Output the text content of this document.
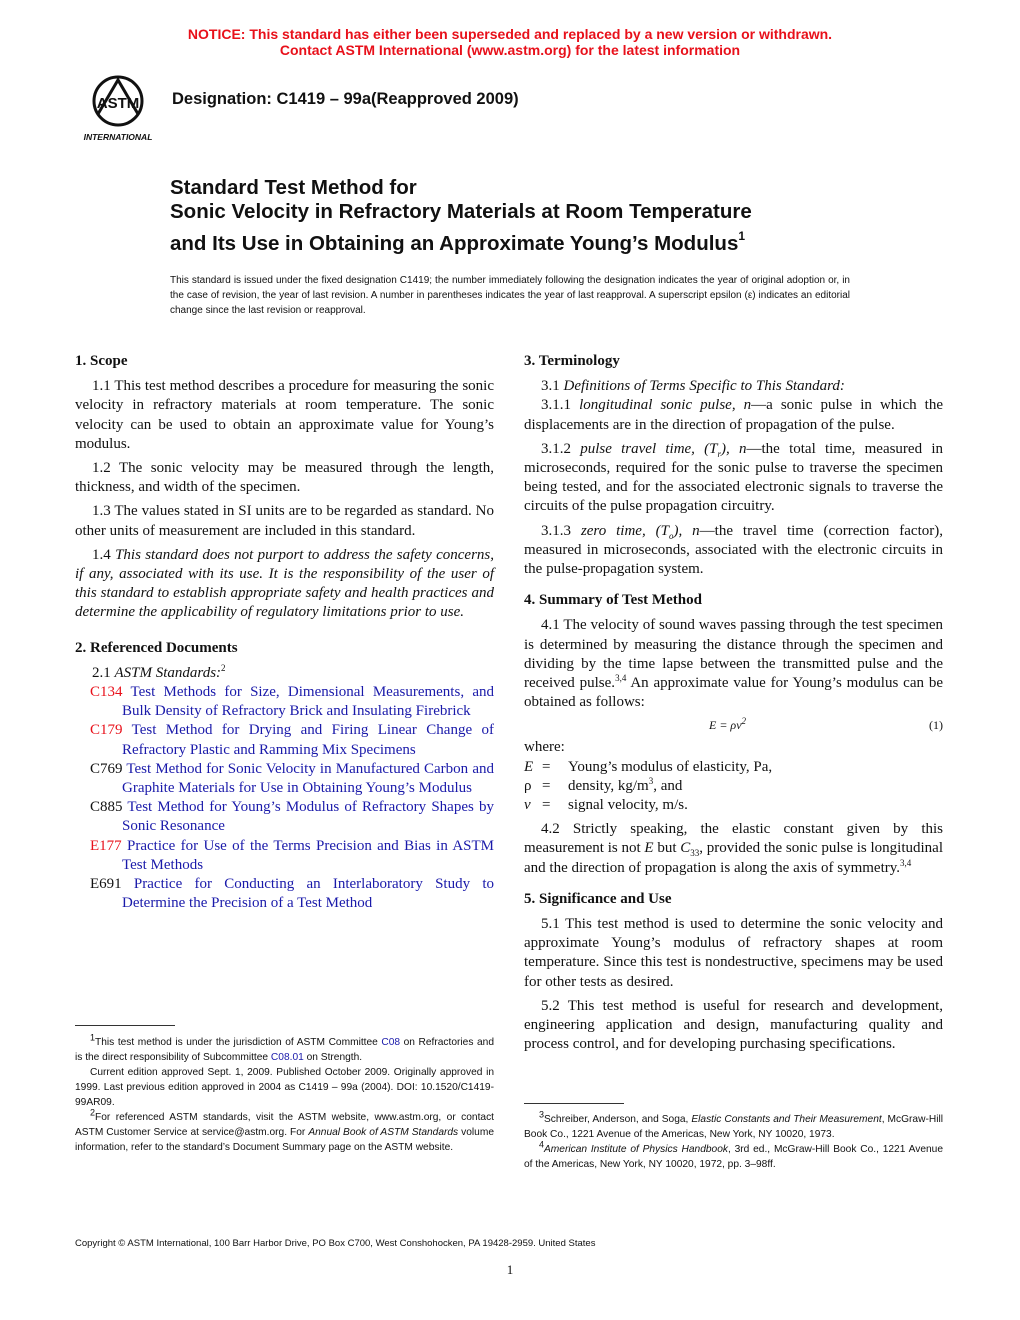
NOTICE: This standard has either been superseded and replaced by a new version or withdrawn.
Contact ASTM International (www.astm.org) for the latest information
ASTM
INTERNATIONAL
Designation: C1419 – 99a(Reapproved 2009)
Standard Test Method for
Sonic Velocity in Refractory Materials at Room Temperature
and Its Use in Obtaining an Approximate Young’s Modulus$^1$
This standard is issued under the fixed designation C1419; the number immediately following the designation indicates the year of original adoption or, in the case of revision, the year of last revision. A number in parentheses indicates the year of last reapproval. A superscript epsilon (ε) indicates an editorial change since the last revision or reapproval.
1. Scope

1.1 This test method describes a procedure for measuring the sonic velocity in refractory materials at room temperature. The sonic velocity can be used to obtain an approximate value for Young’s modulus.

1.2 The sonic velocity may be measured through the length, thickness, and width of the specimen.

1.3 The values stated in SI units are to be regarded as standard. No other units of measurement are included in this standard.

1.4 This standard does not purport to address the safety concerns, if any, associated with its use. It is the responsibility of the user of this standard to establish appropriate safety and health practices and determine the applicability of regulatory limitations prior to use.

2. Referenced Documents

2.1 ASTM Standards:$^2$

C134 Test Methods for Size, Dimensional Measurements, and Bulk Density of Refractory Brick and Insulating Firebrick

C179 Test Method for Drying and Firing Linear Change of Refractory Plastic and Ramming Mix Specimens

C769 Test Method for Sonic Velocity in Manufactured Carbon and Graphite Materials for Use in Obtaining Young’s Modulus

C885 Test Method for Young’s Modulus of Refractory Shapes by Sonic Resonance

E177 Practice for Use of the Terms Precision and Bias in ASTM Test Methods

E691 Practice for Conducting an Interlaboratory Study to Determine the Precision of a Test Method

$^1$This test method is under the jurisdiction of ASTM Committee C08 on Refractories and is the direct responsibility of Subcommittee C08.01 on Strength.

Current edition approved Sept. 1, 2009. Published October 2009. Originally approved in 1999. Last previous edition approved in 2004 as C1419 – 99a (2004). DOI: 10.1520/C1419-99AR09.

$^2$For referenced ASTM standards, visit the ASTM website, www.astm.org, or contact ASTM Customer Service at service@astm.org. For Annual Book of ASTM Standards volume information, refer to the standard’s Document Summary page on the ASTM website.

3. Terminology

3.1 Definitions of Terms Specific to This Standard:

3.1.1 longitudinal sonic pulse, n—a sonic pulse in which the displacements are in the direction of propagation of the pulse.

3.1.2 pulse travel time, $(T_r)$, n—the total time, measured in microseconds, required for the sonic pulse to traverse the specimen being tested, and for the associated electronic signals to traverse the circuits of the pulse propagation circuitry.

3.1.3 zero time, $(T_o)$, n—the travel time (correction factor), measured in microseconds, associated with the electronic circuits in the pulse-propagation system.

4. Summary of Test Method

4.1 The velocity of sound waves passing through the test specimen is determined by measuring the distance through the specimen and dividing by the time lapse between the transmitted pulse and the received pulse.$^{3,4}$ An approximate value for Young’s modulus can be obtained as follows:

$E = \rho v^2$	(1)

where:

E =	Young’s modulus of elasticity, Pa,
ρ =	density, $kg/m^3$, and
v =	signal velocity, m/s.

4.2 Strictly speaking, the elastic constant given by this measurement is not E but $C_{33}$, provided the sonic pulse is longitudinal and the direction of propagation is along the axis of symmetry.$^{3,4}$

5. Significance and Use

5.1 This test method is used to determine the sonic velocity and approximate Young’s modulus of refractory shapes at room temperature. Since this test is nondestructive, specimens may be used for other tests as desired.

5.2 This test method is useful for research and development, engineering application and design, manufacturing quality and process control, and for developing purchasing specifications.

$^3$Schreiber, Anderson, and Soga, Elastic Constants and Their Measurement, McGraw-Hill Book Co., 1221 Avenue of the Americas, New York, NY 10020, 1973.

$^4$American Institute of Physics Handbook, 3rd ed., McGraw-Hill Book Co., 1221 Avenue of the Americas, New York, NY 10020, 1972, pp. 3–98ff.

Copyright © ASTM International, 100 Barr Harbor Drive, PO Box C700, West Conshohocken, PA 19428-2959. United States
1
